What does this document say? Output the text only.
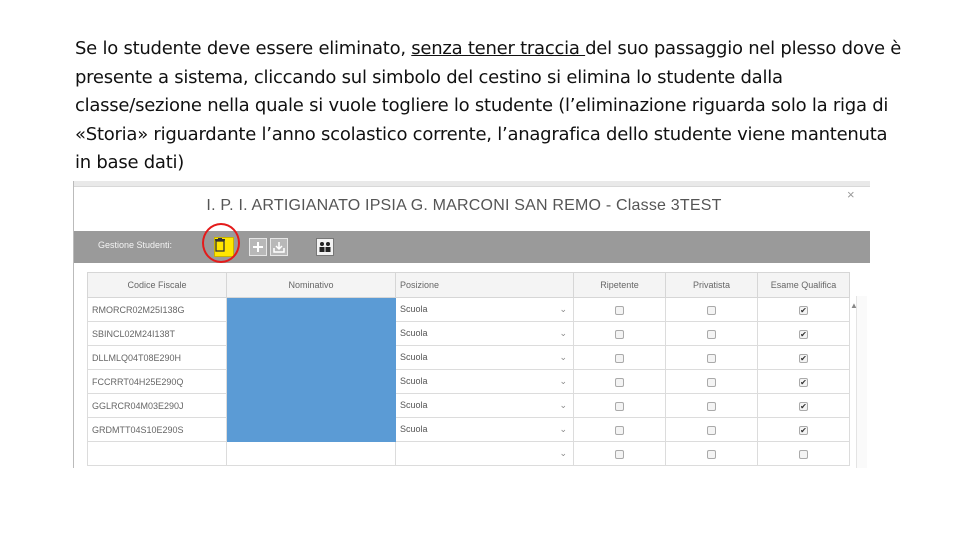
Se lo studente deve essere eliminato, senza tener traccia del suo passaggio nel plesso dove è presente a sistema, cliccando sul simbolo del cestino si elimina lo studente dalla classe/sezione nella quale si vuole togliere lo studente (l’eliminazione riguarda solo la riga di «Storia» riguardante l’anno scolastico corrente, l’anagrafica dello studente viene mantenuta in base dati)
I. P. I. ARTIGIANATO IPSIA G. MARCONI SAN REMO - Classe 3TEST
×
Gestione Studenti:
Codice Fiscale	Nominativo	Posizione	Ripetente	Privatista	Esame Qualifica
RMORCR02M25I138G		Scuola ⌄			✔
SBINCL02M24I138T		Scuola ⌄			✔
DLLMLQ04T08E290H		Scuola ⌄			✔
FCCRRT04H25E290Q		Scuola ⌄			✔
GGLRCR04M03E290J		Scuola ⌄			✔
GRDMTT04S10E290S		Scuola ⌄			✔

		⌄			

▲
